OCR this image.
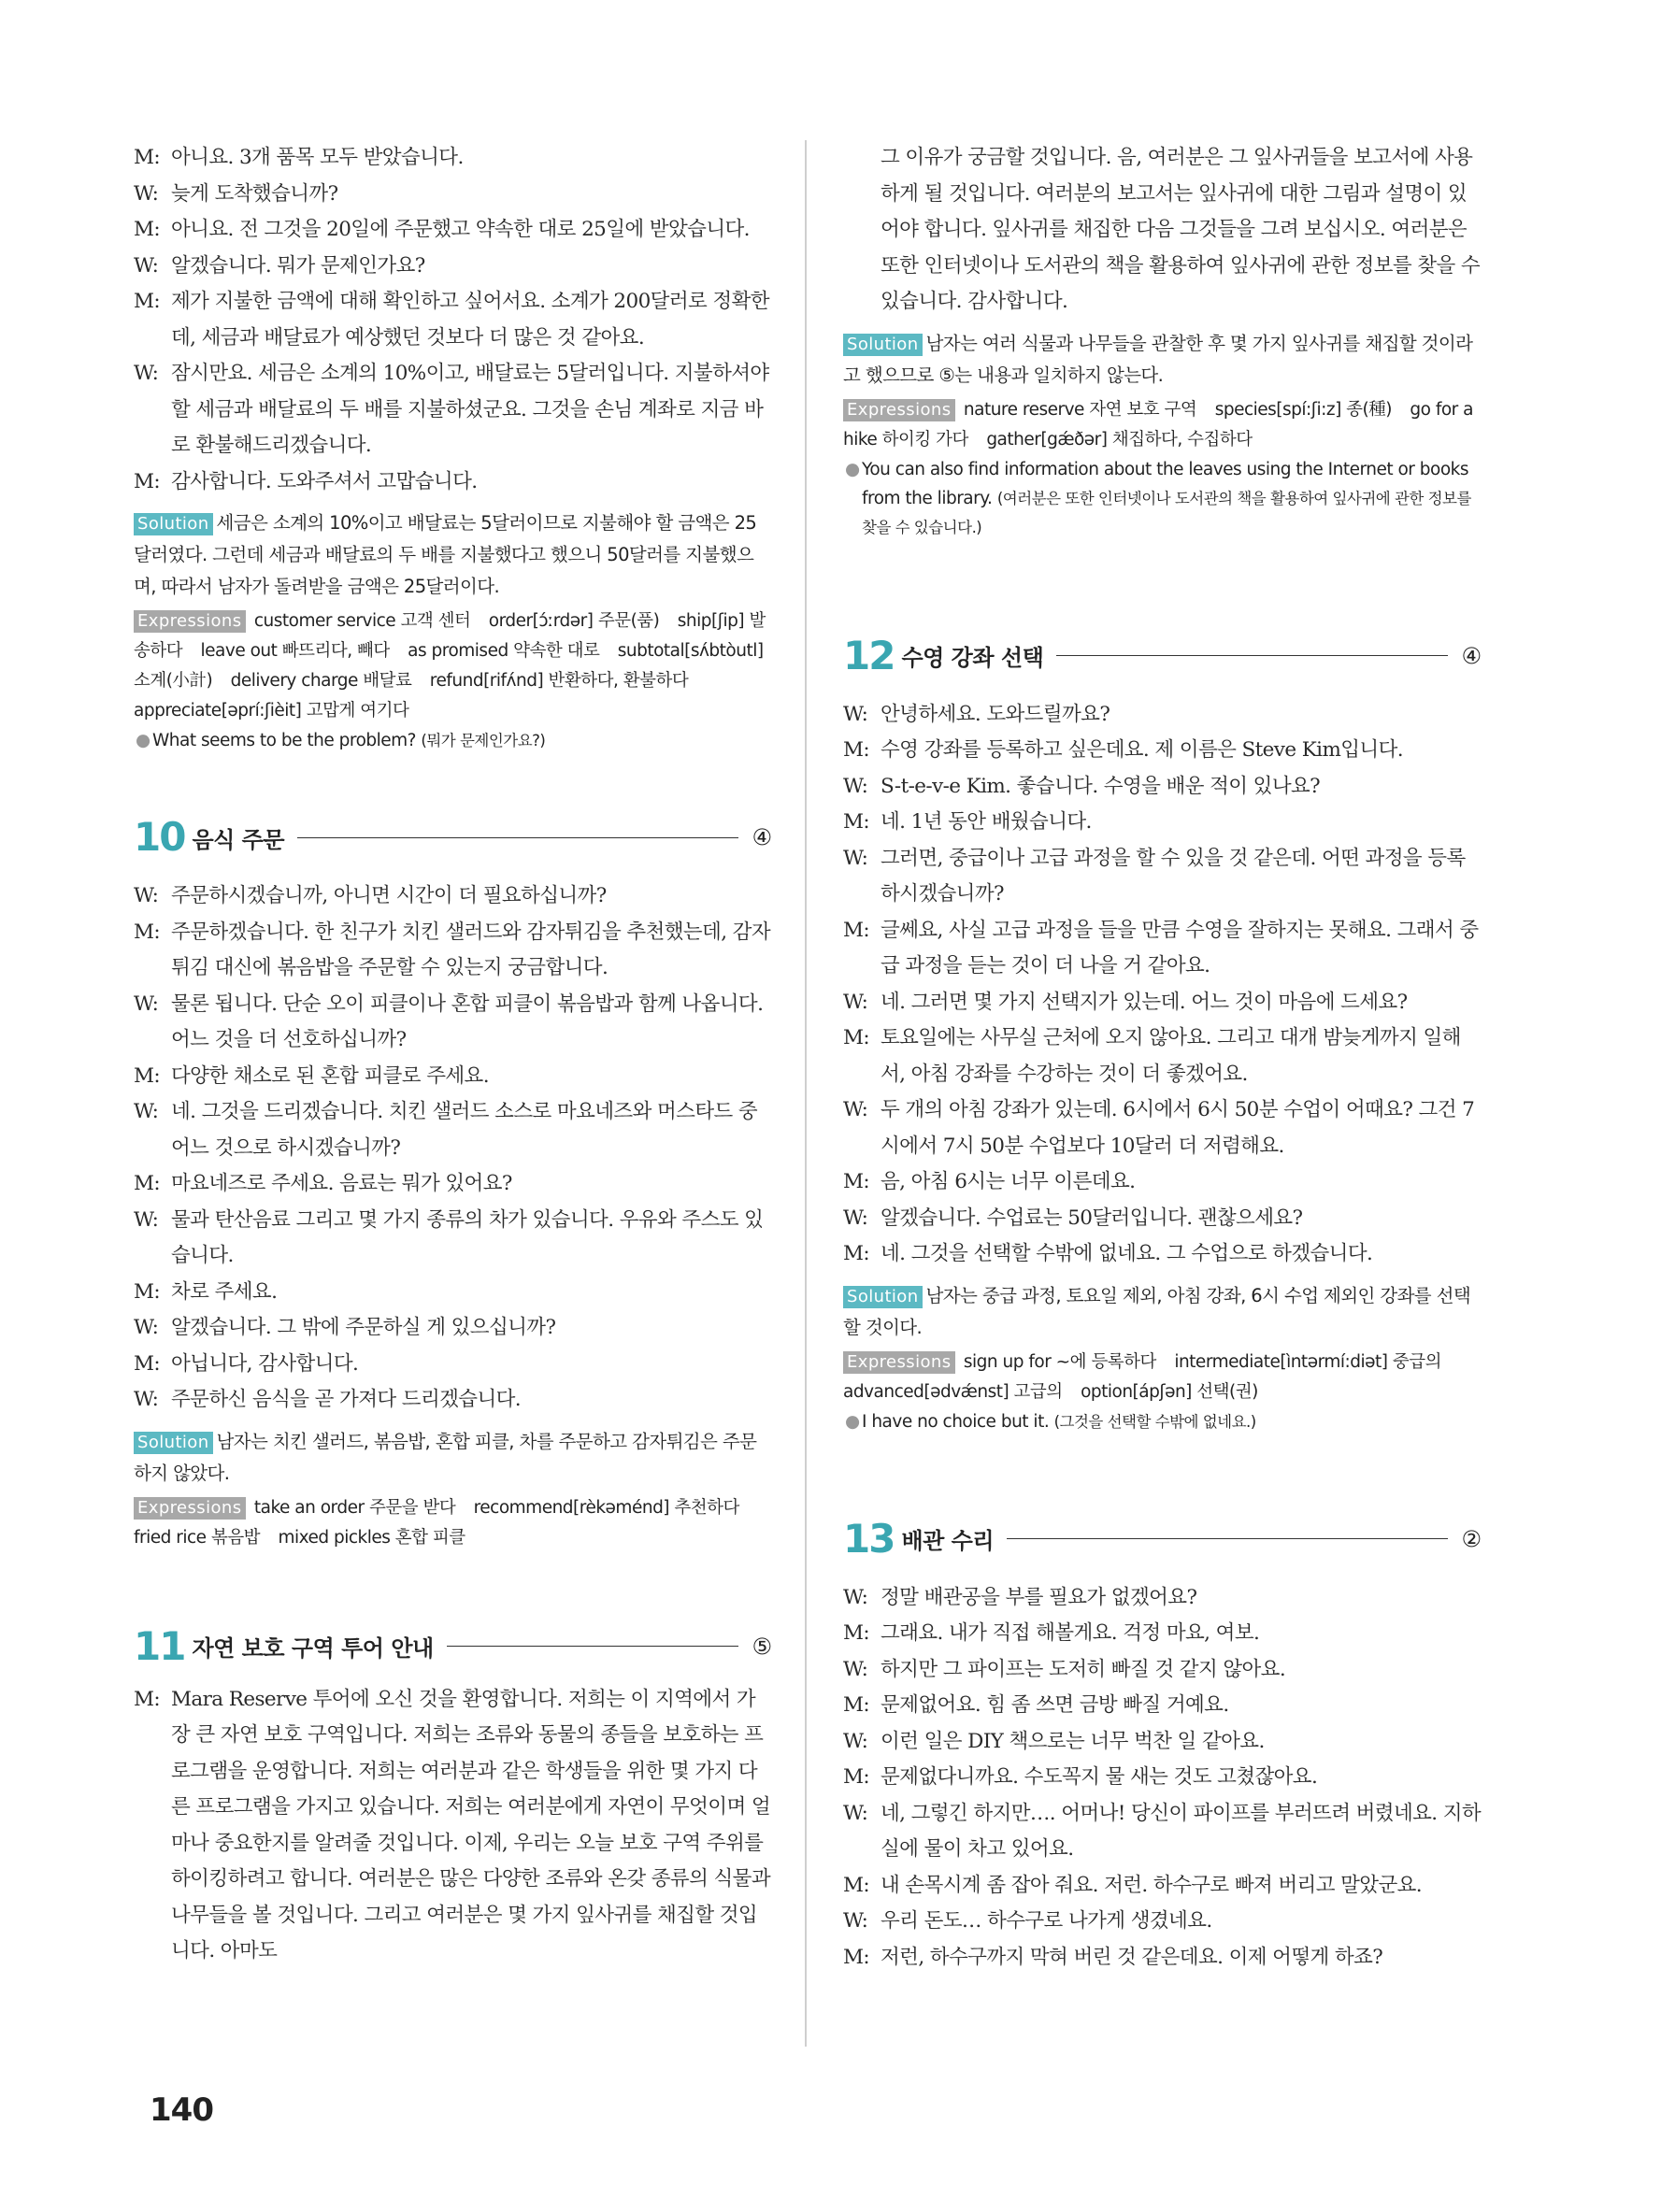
M: 아니요. 3개 품목 모두 받았습니다.
W: 늦게 도착했습니까?
M: 아니요. 전 그것을 20일에 주문했고 약속한 대로 25일에 받았습니다.
W: 알겠습니다. 뭐가 문제인가요?
M: 제가 지불한 금액에 대해 확인하고 싶어서요. 소계가 200달러로 정확한데, 세금과 배달료가 예상했던 것보다 더 많은 것 같아요.
W: 잠시만요. 세금은 소계의 10%이고, 배달료는 5달러입니다. 지불하셔야 할 세금과 배달료의 두 배를 지불하셨군요. 그것을 손님 계좌로 지금 바로 환불해드리겠습니다.
M: 감사합니다. 도와주셔서 고맙습니다.
Solution 세금은 소계의 10%이고 배달료는 5달러이므로 지불해야 할 금액은 25달러였다. 그런데 세금과 배달료의 두 배를 지불했다고 했으니 50달러를 지불했으며, 따라서 남자가 돌려받을 금액은 25달러이다.
Expressions customer service 고객 센터 order[ɔ́ːrdər] 주문(품) ship[ʃip] 발송하다 leave out 빠뜨리다, 빼다 as promised 약속한 대로 subtotal[sʌ́btòutl] 소계(小計) delivery charge 배달료 refund[rifʌ́nd] 반환하다, 환불하다 appreciate[əprí:ʃièit] 고맙게 여기다
● What seems to be the problem? (뭐가 문제인가요?)
10 음식 주문	④
W: 주문하시겠습니까, 아니면 시간이 더 필요하십니까?
M: 주문하겠습니다. 한 친구가 치킨 샐러드와 감자튀김을 추천했는데, 감자튀김 대신에 볶음밥을 주문할 수 있는지 궁금합니다.
W: 물론 됩니다. 단순 오이 피클이나 혼합 피클이 볶음밥과 함께 나옵니다. 어느 것을 더 선호하십니까?
M: 다양한 채소로 된 혼합 피클로 주세요.
W: 네. 그것을 드리겠습니다. 치킨 샐러드 소스로 마요네즈와 머스타드 중 어느 것으로 하시겠습니까?
M: 마요네즈로 주세요. 음료는 뭐가 있어요?
W: 물과 탄산음료 그리고 몇 가지 종류의 차가 있습니다. 우유와 주스도 있습니다.
M: 차로 주세요.
W: 알겠습니다. 그 밖에 주문하실 게 있으십니까?
M: 아닙니다, 감사합니다.
W: 주문하신 음식을 곧 가져다 드리겠습니다.
Solution 남자는 치킨 샐러드, 볶음밥, 혼합 피클, 차를 주문하고 감자튀김은 주문하지 않았다.
Expressions take an order 주문을 받다 recommend[rèkəménd] 추천하다 fried rice 볶음밥 mixed pickles 혼합 피클
11 자연 보호 구역 투어 안내	⑤
M: Mara Reserve 투어에 오신 것을 환영합니다. 저희는 이 지역에서 가장 큰 자연 보호 구역입니다. 저희는 조류와 동물의 종들을 보호하는 프로그램을 운영합니다. 저희는 여러분과 같은 학생들을 위한 몇 가지 다른 프로그램을 가지고 있습니다. 저희는 여러분에게 자연이 무엇이며 얼마나 중요한지를 알려줄 것입니다. 이제, 우리는 오늘 보호 구역 주위를 하이킹하려고 합니다. 여러분은 많은 다양한 조류와 온갖 종류의 식물과 나무들을 볼 것입니다. 그리고 여러분은 몇 가지 잎사귀를 채집할 것입니다. 아마도
그 이유가 궁금할 것입니다. 음, 여러분은 그 잎사귀들을 보고서에 사용하게 될 것입니다. 여러분의 보고서는 잎사귀에 대한 그림과 설명이 있어야 합니다. 잎사귀를 채집한 다음 그것들을 그려 보십시오. 여러분은 또한 인터넷이나 도서관의 책을 활용하여 잎사귀에 관한 정보를 찾을 수 있습니다. 감사합니다.
Solution 남자는 여러 식물과 나무들을 관찰한 후 몇 가지 잎사귀를 채집할 것이라고 했으므로 ⑤는 내용과 일치하지 않는다.
Expressions nature reserve 자연 보호 구역 species[spí:ʃi:z] 종(種) go for a hike 하이킹 가다 gather[gǽðər] 채집하다, 수집하다
● You can also find information about the leaves using the Internet or books from the library. (여러분은 또한 인터넷이나 도서관의 책을 활용하여 잎사귀에 관한 정보를 찾을 수 있습니다.)
12 수영 강좌 선택	④
W: 안녕하세요. 도와드릴까요?
M: 수영 강좌를 등록하고 싶은데요. 제 이름은 Steve Kim입니다.
W: S-t-e-v-e Kim. 좋습니다. 수영을 배운 적이 있나요?
M: 네. 1년 동안 배웠습니다.
W: 그러면, 중급이나 고급 과정을 할 수 있을 것 같은데. 어떤 과정을 등록하시겠습니까?
M: 글쎄요, 사실 고급 과정을 들을 만큼 수영을 잘하지는 못해요. 그래서 중급 과정을 듣는 것이 더 나을 거 같아요.
W: 네. 그러면 몇 가지 선택지가 있는데. 어느 것이 마음에 드세요?
M: 토요일에는 사무실 근처에 오지 않아요. 그리고 대개 밤늦게까지 일해서, 아침 강좌를 수강하는 것이 더 좋겠어요.
W: 두 개의 아침 강좌가 있는데. 6시에서 6시 50분 수업이 어때요? 그건 7시에서 7시 50분 수업보다 10달러 더 저렴해요.
M: 음, 아침 6시는 너무 이른데요.
W: 알겠습니다. 수업료는 50달러입니다. 괜찮으세요?
M: 네. 그것을 선택할 수밖에 없네요. 그 수업으로 하겠습니다.
Solution 남자는 중급 과정, 토요일 제외, 아침 강좌, 6시 수업 제외인 강좌를 선택할 것이다.
Expressions sign up for ~에 등록하다 intermediate[ìntərmí:diət] 중급의 advanced[ədvǽnst] 고급의 option[ápʃən] 선택(권)
● I have no choice but it. (그것을 선택할 수밖에 없네요.)
13 배관 수리	②
W: 정말 배관공을 부를 필요가 없겠어요?
M: 그래요. 내가 직접 해볼게요. 걱정 마요, 여보.
W: 하지만 그 파이프는 도저히 빠질 것 같지 않아요.
M: 문제없어요. 힘 좀 쓰면 금방 빠질 거예요.
W: 이런 일은 DIY 책으로는 너무 벅찬 일 같아요.
M: 문제없다니까요. 수도꼭지 물 새는 것도 고쳤잖아요.
W: 네, 그렇긴 하지만…. 어머나! 당신이 파이프를 부러뜨려 버렸네요. 지하실에 물이 차고 있어요.
M: 내 손목시계 좀 잡아 줘요. 저런. 하수구로 빠져 버리고 말았군요.
W: 우리 돈도… 하수구로 나가게 생겼네요.
M: 저런, 하수구까지 막혀 버린 것 같은데요. 이제 어떻게 하죠?
140
